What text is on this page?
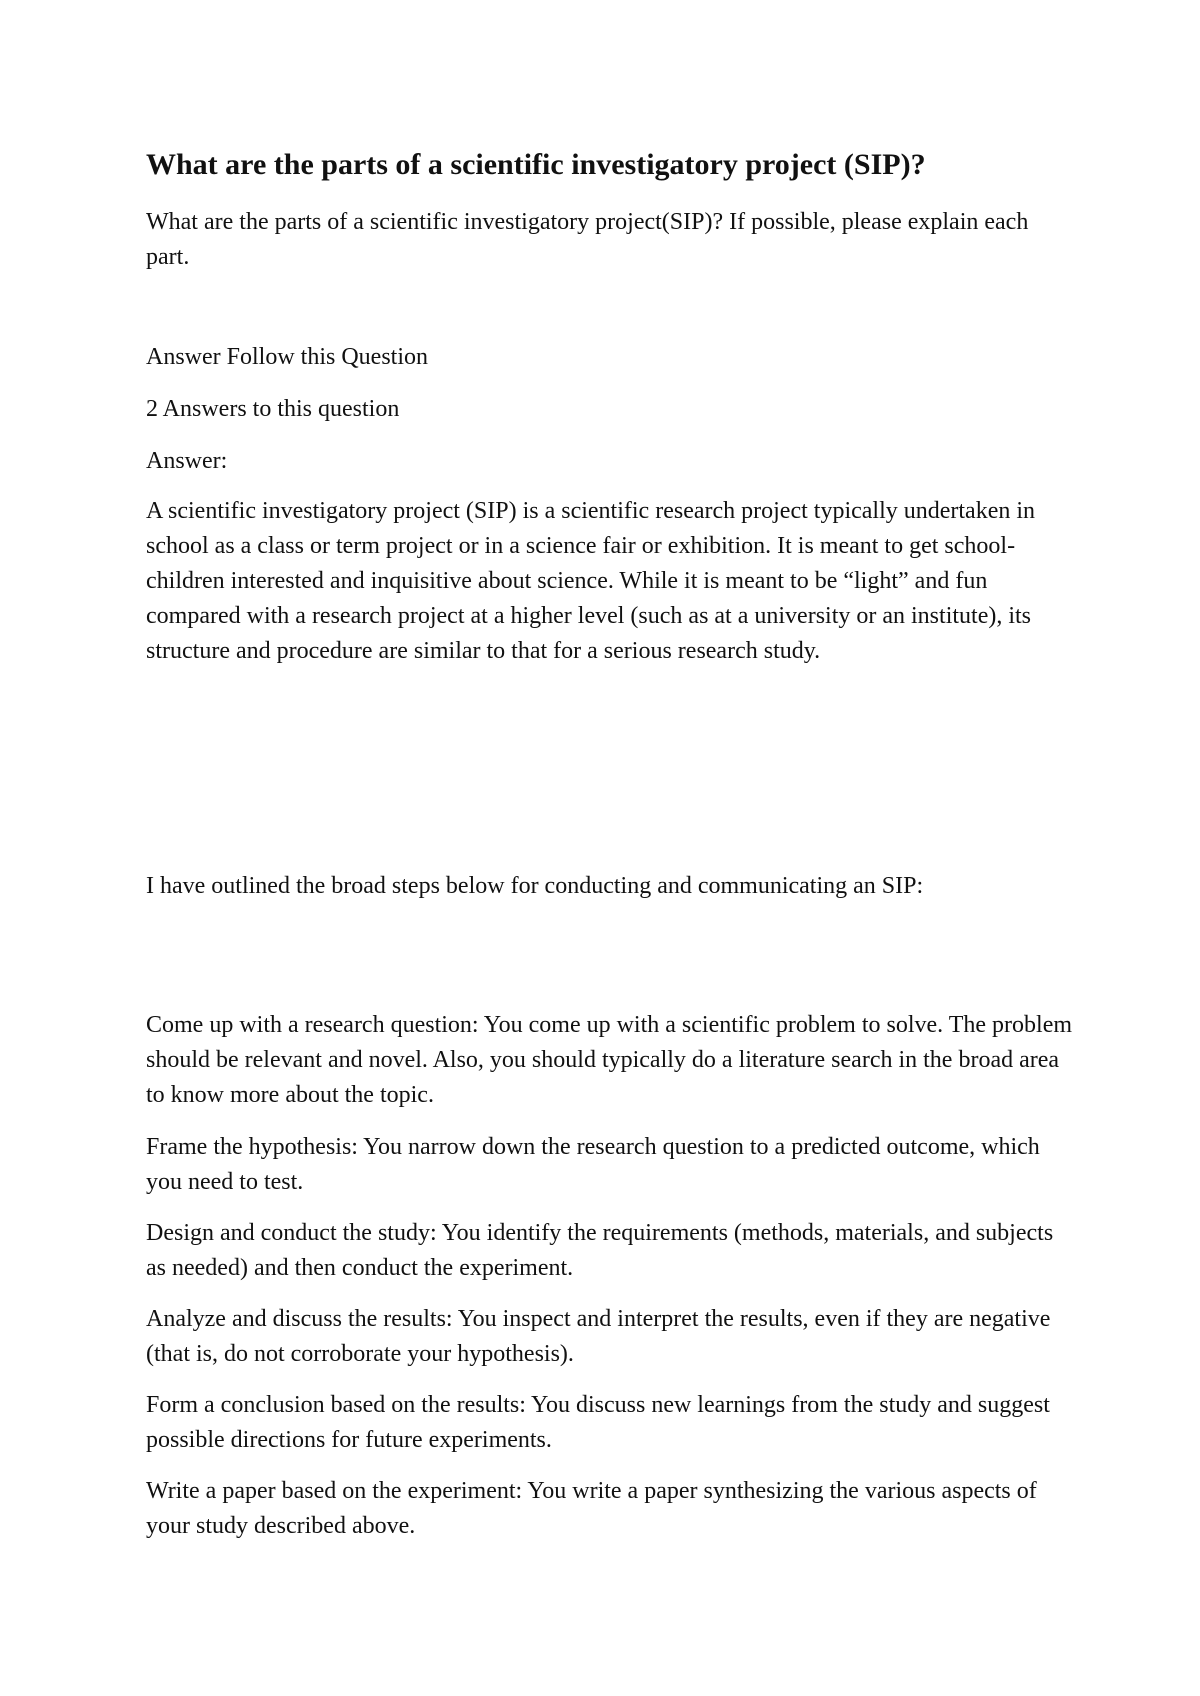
What are the parts of a scientific investigatory project (SIP)?

What are the parts of a scientific investigatory project(SIP)? If possible, please explain each part.

Answer Follow this Question

2 Answers to this question

Answer:

A scientific investigatory project (SIP) is a scientific research project typically undertaken in school as a class or term project or in a science fair or exhibition. It is meant to get school-children interested and inquisitive about science. While it is meant to be “light” and fun compared with a research project at a higher level (such as at a university or an institute), its structure and procedure are similar to that for a serious research study.

I have outlined the broad steps below for conducting and communicating an SIP:

Come up with a research question: You come up with a scientific problem to solve. The problem should be relevant and novel. Also, you should typically do a literature search in the broad area to know more about the topic.

Frame the hypothesis: You narrow down the research question to a predicted outcome, which you need to test.

Design and conduct the study: You identify the requirements (methods, materials, and subjects as needed) and then conduct the experiment.

Analyze and discuss the results: You inspect and interpret the results, even if they are negative (that is, do not corroborate your hypothesis).

Form a conclusion based on the results: You discuss new learnings from the study and suggest possible directions for future experiments.

Write a paper based on the experiment: You write a paper synthesizing the various aspects of your study described above.
